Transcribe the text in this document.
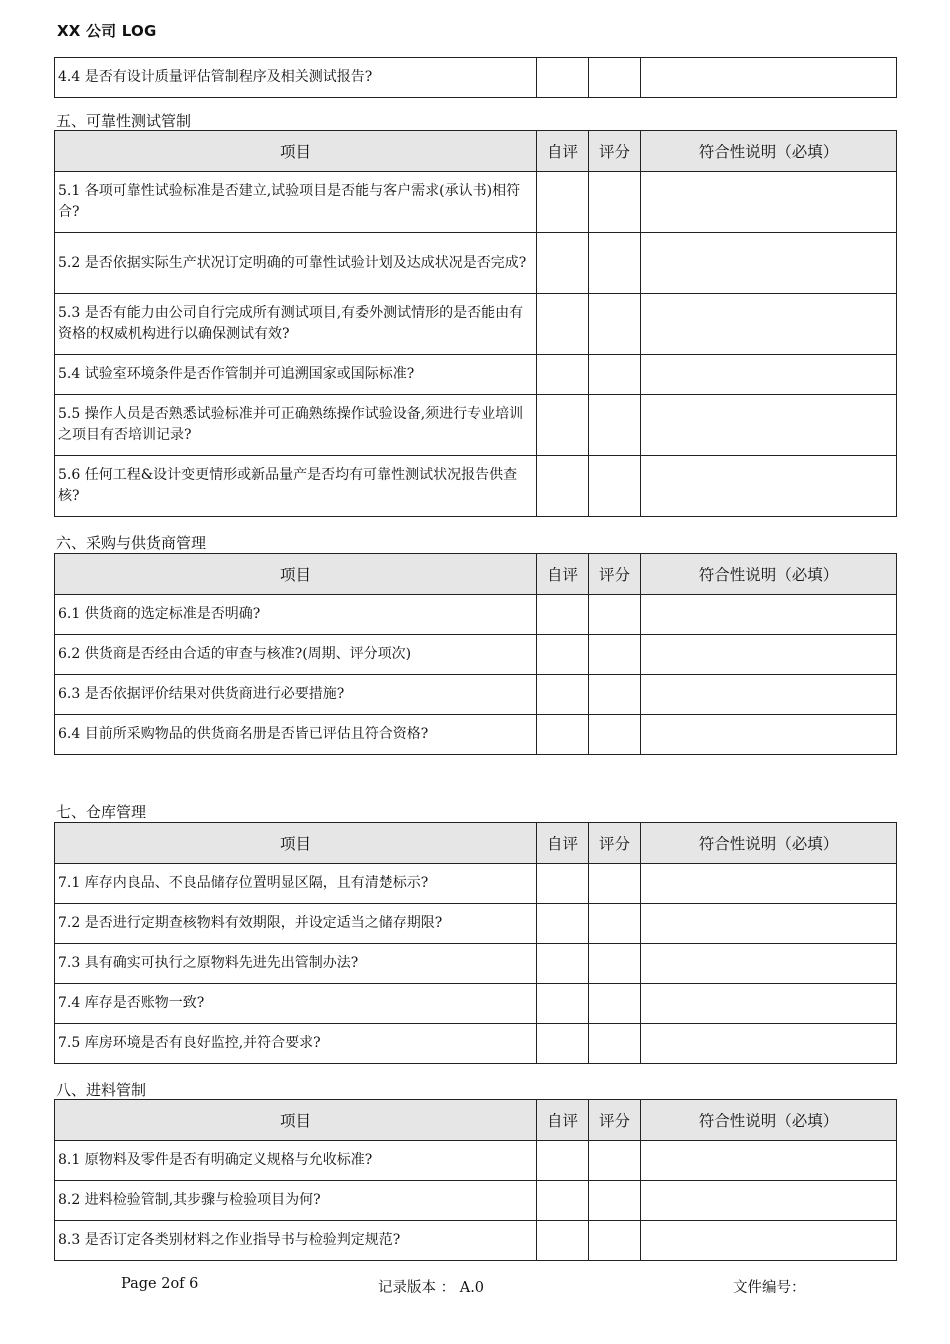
XX 公司 LOG
4.4 是否有设计质量评估管制程序及相关测试报告?			
五、可靠性测试管制
项目	自评	评分	符合性说明（必填）
5.1 各项可靠性试验标准是否建立,试验项目是否能与客户需求(承认书)相符合?			
5.2 是否依据实际生产状况订定明确的可靠性试验计划及达成状况是否完成?			
5.3 是否有能力由公司自行完成所有测试项目,有委外测试情形的是否能由有资格的权威机构进行以确保测试有效?			
5.4 试验室环境条件是否作管制并可追溯国家或国际标准?			
5.5 操作人员是否熟悉试验标准并可正确熟练操作试验设备,须进行专业培训之项目有否培训记录?			
5.6 任何工程&设计变更情形或新品量产是否均有可靠性测试状况报告供查核?			
六、采购与供货商管理
项目	自评	评分	符合性说明（必填）
6.1 供货商的选定标准是否明确?			
6.2 供货商是否经由合适的审查与核准?(周期、评分项次)			
6.3 是否依据评价结果对供货商进行必要措施?			
6.4 目前所采购物品的供货商名册是否皆已评估且符合资格?			
七、仓库管理
项目	自评	评分	符合性说明（必填）
7.1 库存内良品、不良品储存位置明显区隔，且有清楚标示?			
7.2 是否进行定期查核物料有效期限，并设定适当之储存期限?			
7.3 具有确实可执行之原物料先进先出管制办法?			
7.4 库存是否账物一致?			
7.5 库房环境是否有良好监控,并符合要求?			
八、进料管制
项目	自评	评分	符合性说明（必填）
8.1 原物料及零件是否有明确定义规格与允收标准?			
8.2 进料检验管制,其步骤与检验项目为何?			
8.3 是否订定各类别材料之作业指导书与检验判定规范?			
Page 2of 6	记录版本 ： A.0	文件编号：
